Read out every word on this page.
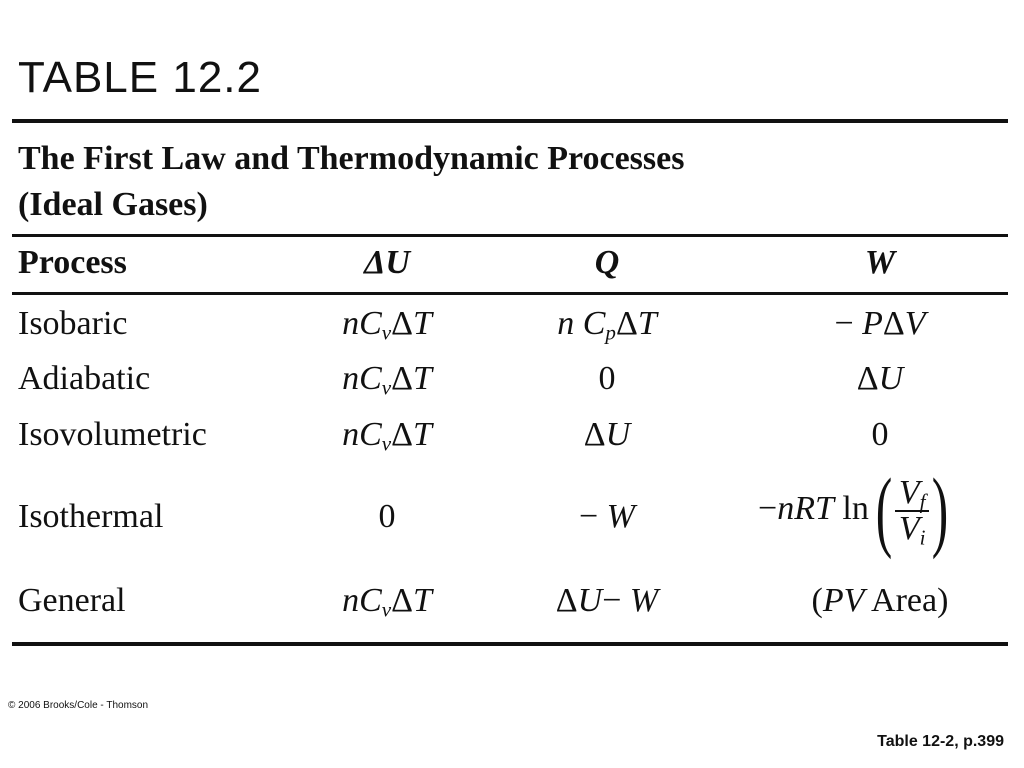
TABLE 12.2
The First Law and Thermodynamic Processes
(Ideal Gases)
Process	ΔU	Q	W
Isobaric	$nC_v\Delta T$	n $C_p\Delta T$	− PΔV
Adiabatic	$nC_v\Delta T$	0	ΔU
Isovolumetric	$nC_v\Delta T$	ΔU	0
Isothermal	0	− W	−nRT $\ln( \frac{V_f}{V_i}$ )
General	$nC_v\Delta T$	ΔU− W	(PV Area)
© 2006 Brooks/Cole - Thomson
Table 12-2, p.399
